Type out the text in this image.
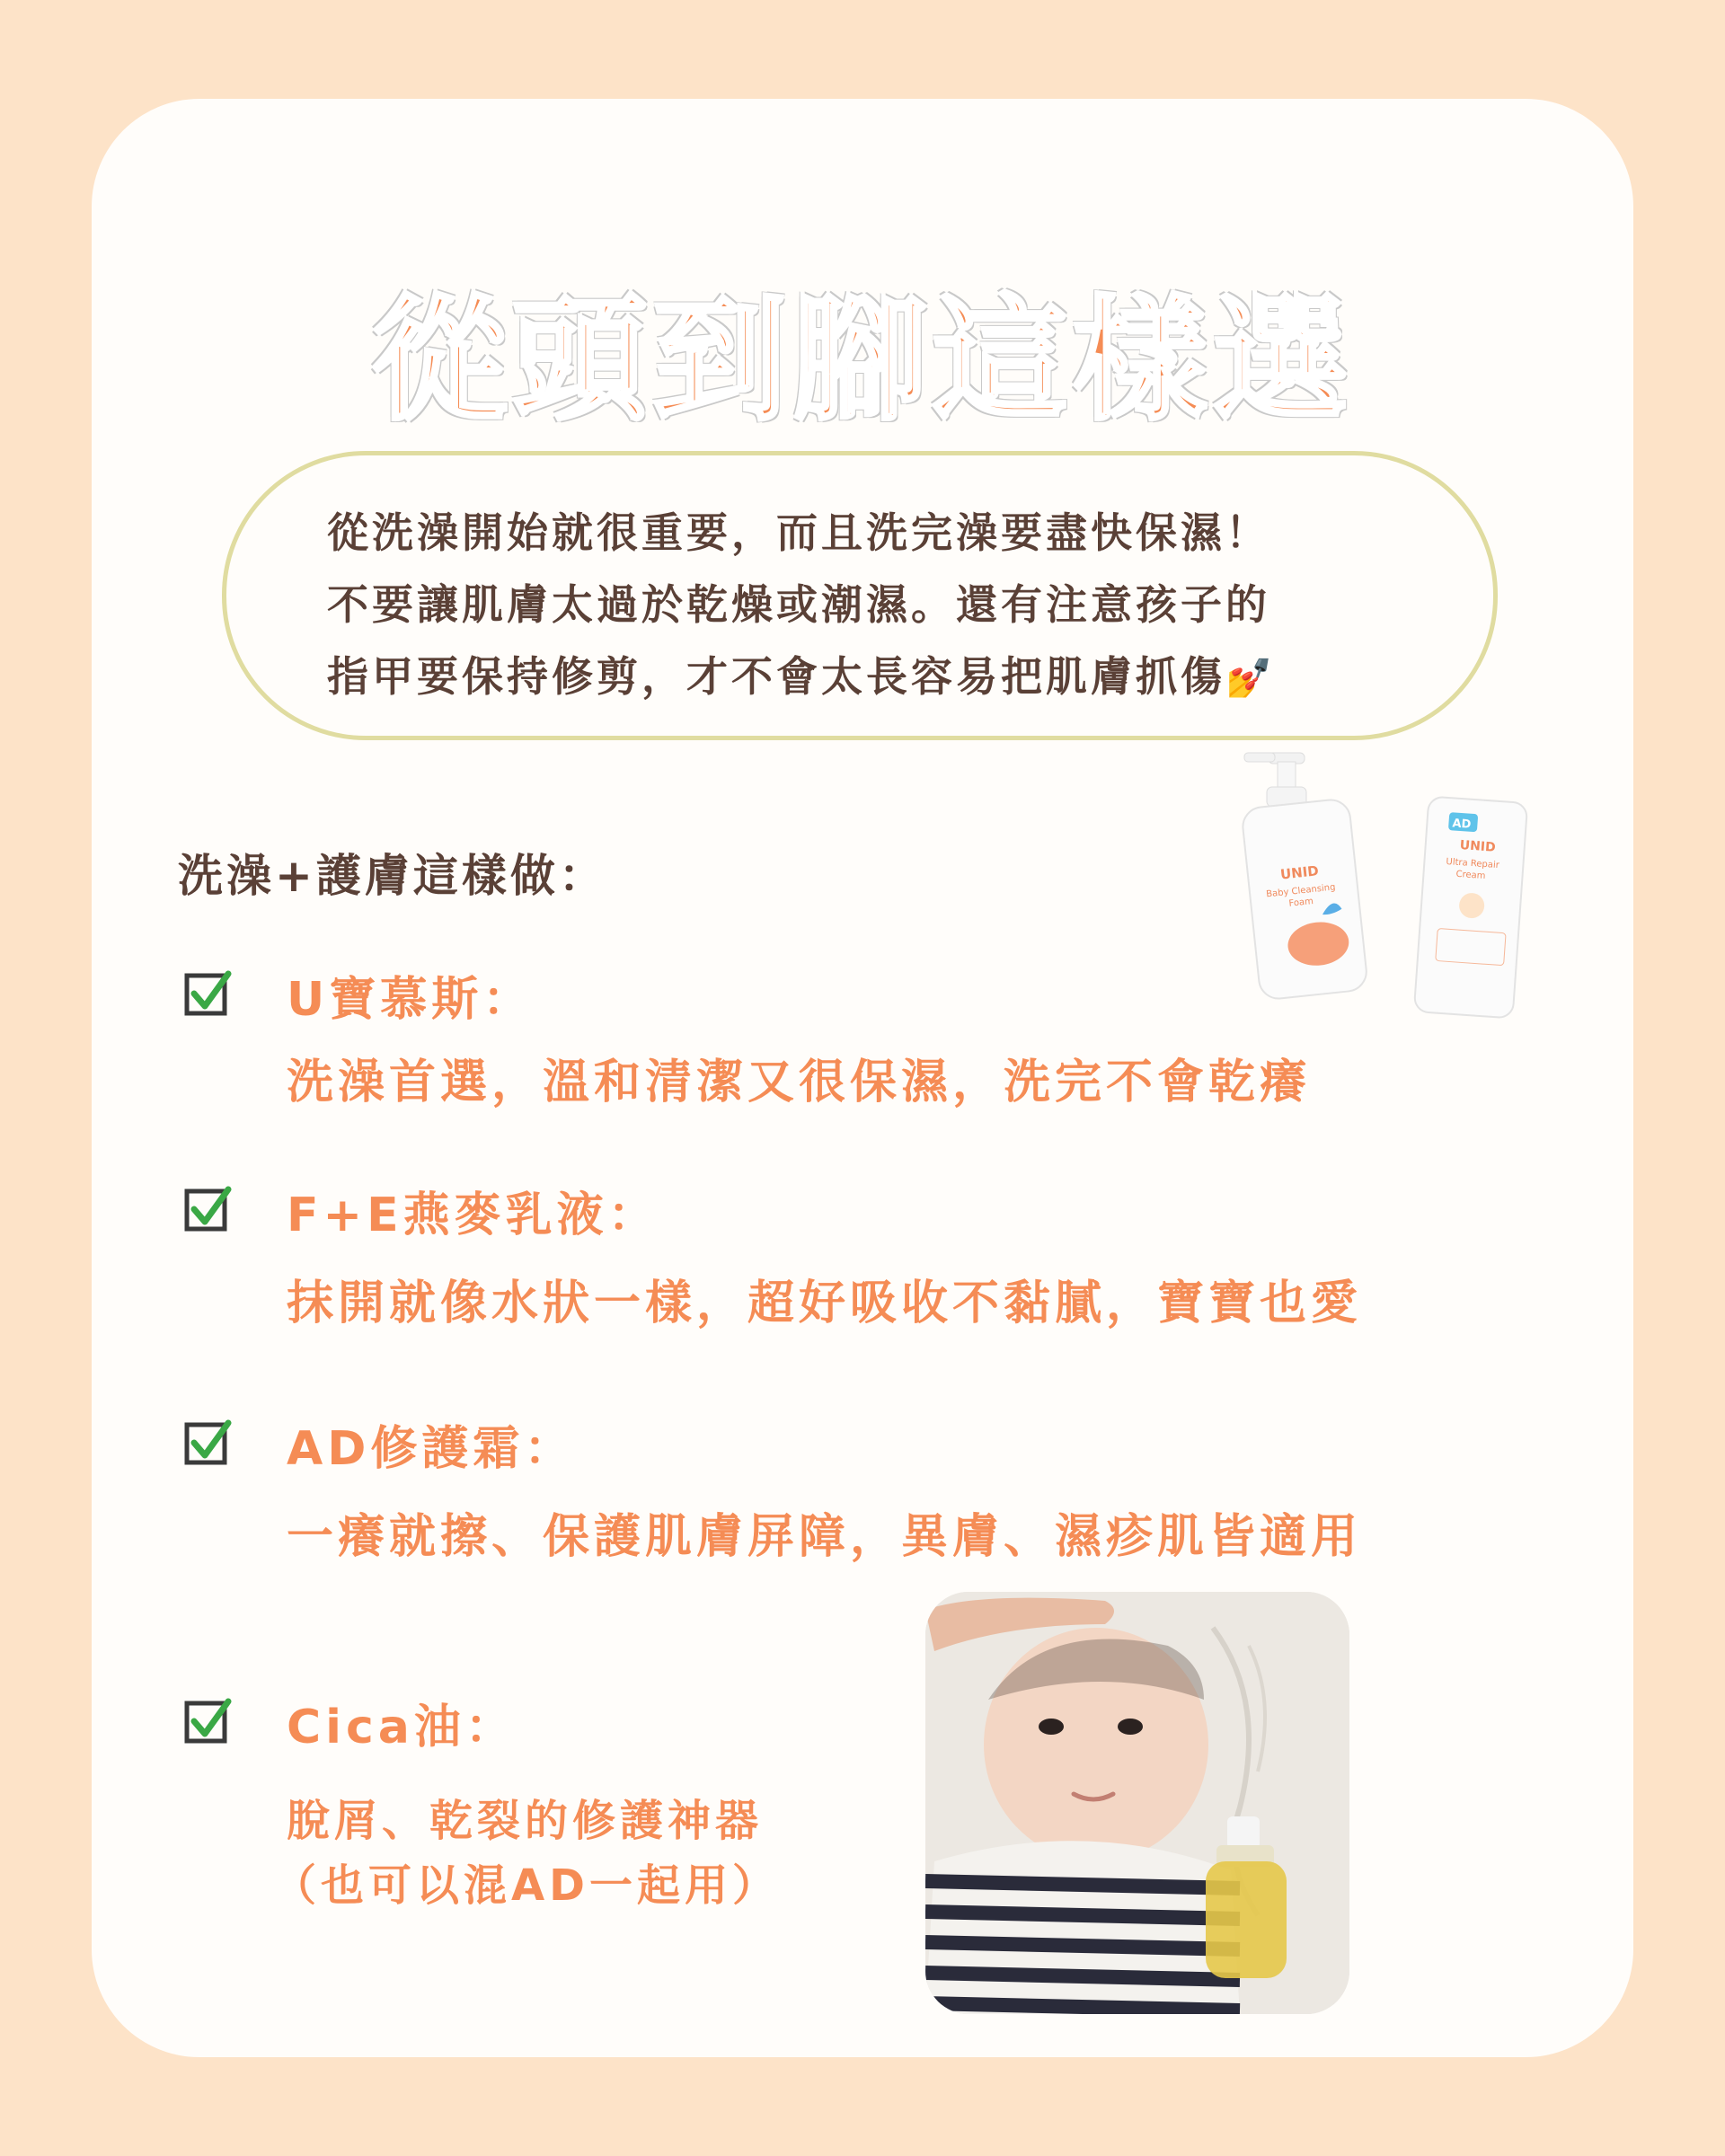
從頭到腳這樣選
從洗澡開始就很重要，而且洗完澡要盡快保濕！
不要讓肌膚太過於乾燥或潮濕。還有注意孩子的
指甲要保持修剪，才不會太長容易把肌膚抓傷💅
洗澡+護膚這樣做：	UNID
Baby Cleansing
Foam
AD
UNID
Ultra Repair
Cream
U寶慕斯：
洗澡首選，溫和清潔又很保濕，洗完不會乾癢
F+E燕麥乳液：
抹開就像水狀一樣，超好吸收不黏膩，寶寶也愛
AD修護霜：
一癢就擦、保護肌膚屏障，異膚、濕疹肌皆適用
Cica油：
脫屑、乾裂的修護神器
（也可以混AD一起用）
